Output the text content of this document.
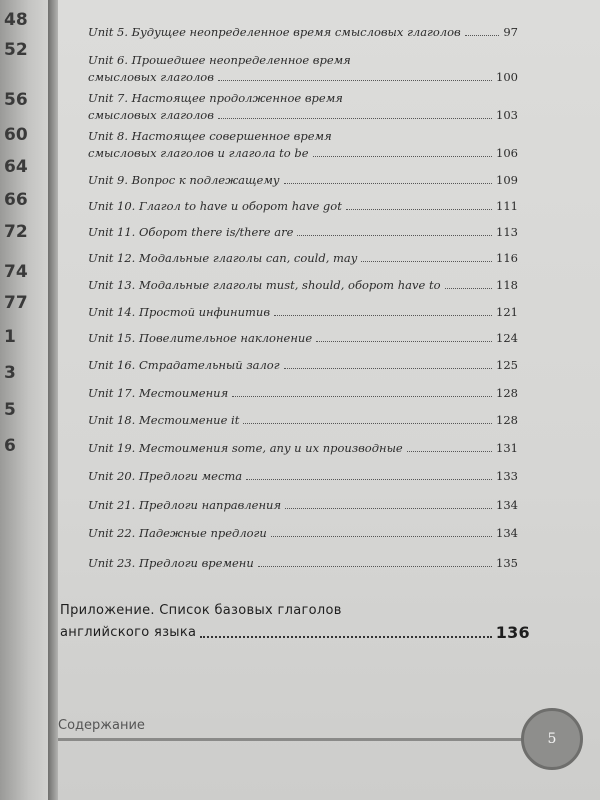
48
52
56
60
64
66
72
74
77
1
3
5
6
Unit 5. Будущее неопределенное время смысловых глаголов	97
Unit 6. Прошедшее неопределенное время
смысловых глаголов	100
Unit 7. Настоящее продолженное время
смысловых глаголов	103
Unit 8. Настоящее совершенное время
смысловых глаголов и глагола to be	106
Unit 9. Вопрос к подлежащему	109
Unit 10. Глагол to have и оборот have got	111
Unit 11. Оборот there is/there are	113
Unit 12. Модальные глаголы can, could, may	116
Unit 13. Модальные глаголы must, should, оборот have to	118
Unit 14. Простой инфинитив	121
Unit 15. Повелительное наклонение	124
Unit 16. Страдательный залог	125
Unit 17. Местоимения	128
Unit 18. Местоимение it	128
Unit 19. Местоимения some, any и их производные	131
Unit 20. Предлоги места	133
Unit 21. Предлоги направления	134
Unit 22. Падежные предлоги	134
Unit 23. Предлоги времени	135
Приложение. Список базовых глаголов
английского языка	136
Содержание
5
